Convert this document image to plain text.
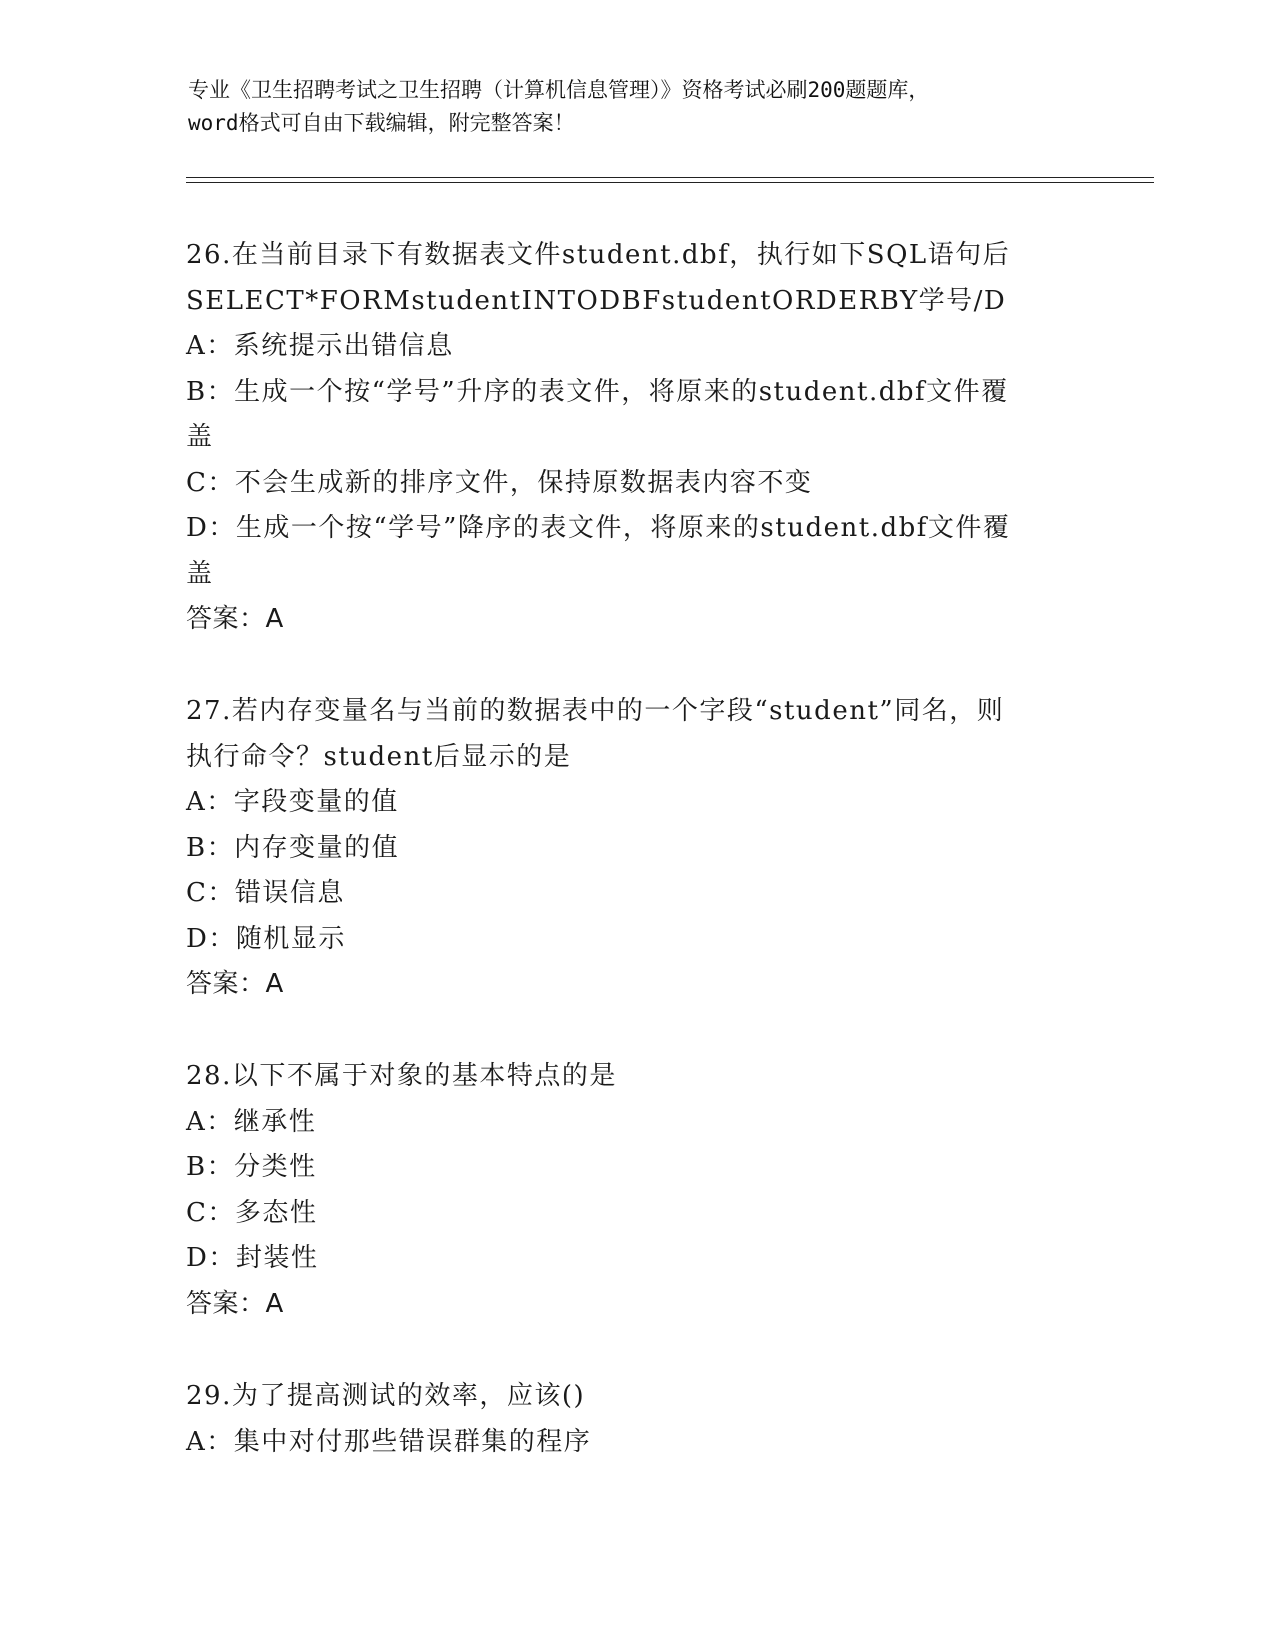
专业《卫生招聘考试之卫生招聘（计算机信息管理）》资格考试必刷200题题库，
word格式可自由下载编辑，附完整答案！
26.在当前目录下有数据表文件student.dbf，执行如下SQL语句后
SELECT*FORMstudentINTODBFstudentORDERBY学号/D
A：系统提示出错信息
B：生成一个按“学号”升序的表文件，将原来的student.dbf文件覆
盖
C：不会生成新的排序文件，保持原数据表内容不变
D：生成一个按“学号”降序的表文件，将原来的student.dbf文件覆
盖
答案：A
27.若内存变量名与当前的数据表中的一个字段“student”同名，则
执行命令？student后显示的是
A：字段变量的值
B：内存变量的值
C：错误信息
D：随机显示
答案：A
28.以下不属于对象的基本特点的是
A：继承性
B：分类性
C：多态性
D：封装性
答案：A
29.为了提高测试的效率，应该()
A：集中对付那些错误群集的程序
